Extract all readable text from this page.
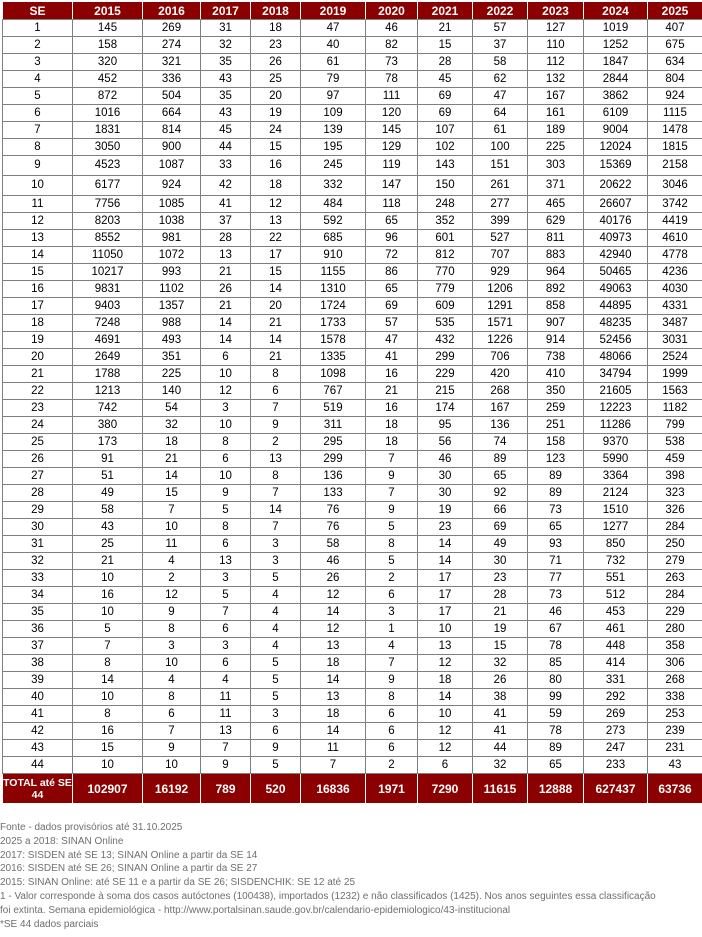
SE	2015	2016	2017	2018	2019	2020	2021	2022	2023	2024	2025
1	145	269	31	18	47	46	21	57	127	1019	407
2	158	274	32	23	40	82	15	37	110	1252	675
3	320	321	35	26	61	73	28	58	112	1847	634
4	452	336	43	25	79	78	45	62	132	2844	804
5	872	504	35	20	97	111	69	47	167	3862	924
6	1016	664	43	19	109	120	69	64	161	6109	1115
7	1831	814	45	24	139	145	107	61	189	9004	1478
8	3050	900	44	15	195	129	102	100	225	12024	1815
9	4523	1087	33	16	245	119	143	151	303	15369	2158
10	6177	924	42	18	332	147	150	261	371	20622	3046
11	7756	1085	41	12	484	118	248	277	465	26607	3742
12	8203	1038	37	13	592	65	352	399	629	40176	4419
13	8552	981	28	22	685	96	601	527	811	40973	4610
14	11050	1072	13	17	910	72	812	707	883	42940	4778
15	10217	993	21	15	1155	86	770	929	964	50465	4236
16	9831	1102	26	14	1310	65	779	1206	892	49063	4030
17	9403	1357	21	20	1724	69	609	1291	858	44895	4331
18	7248	988	14	21	1733	57	535	1571	907	48235	3487
19	4691	493	14	14	1578	47	432	1226	914	52456	3031
20	2649	351	6	21	1335	41	299	706	738	48066	2524
21	1788	225	10	8	1098	16	229	420	410	34794	1999
22	1213	140	12	6	767	21	215	268	350	21605	1563
23	742	54	3	7	519	16	174	167	259	12223	1182
24	380	32	10	9	311	18	95	136	251	11286	799
25	173	18	8	2	295	18	56	74	158	9370	538
26	91	21	6	13	299	7	46	89	123	5990	459
27	51	14	10	8	136	9	30	65	89	3364	398
28	49	15	9	7	133	7	30	92	89	2124	323
29	58	7	5	14	76	9	19	66	73	1510	326
30	43	10	8	7	76	5	23	69	65	1277	284
31	25	11	6	3	58	8	14	49	93	850	250
32	21	4	13	3	46	5	14	30	71	732	279
33	10	2	3	5	26	2	17	23	77	551	263
34	16	12	5	4	12	6	17	28	73	512	284
35	10	9	7	4	14	3	17	21	46	453	229
36	5	8	6	4	12	1	10	19	67	461	280
37	7	3	3	4	13	4	13	15	78	448	358
38	8	10	6	5	18	7	12	32	85	414	306
39	14	4	4	5	14	9	18	26	80	331	268
40	10	8	11	5	13	8	14	38	99	292	338
41	8	6	11	3	18	6	10	41	59	269	253
42	16	7	13	6	14	6	12	41	78	273	239
43	15	9	7	9	11	6	12	44	89	247	231
44	10	10	9	5	7	2	6	32	65	233	43
TOTAL até SE 44	102907	16192	789	520	16836	1971	7290	11615	12888	627437	63736
Fonte - dados provisórios até 31.10.2025
2025 a 2018: SINAN Online
2017: SISDEN até SE 13; SINAN Online a partir da SE 14
2016: SISDEN até SE 26; SINAN Online a partir da SE 27
2015: SINAN Online: até SE 11 e a partir da SE 26; SISDENCHIK: SE 12 até 25
1 - Valor corresponde à soma dos casos autóctones (100438), importados (1232) e não classificados (1425). Nos anos seguintes essa classificação
foi extinta. Semana epidemiológica - http://www.portalsinan.saude.gov.br/calendario-epidemiologico/43-institucional
*SE 44 dados parciais
